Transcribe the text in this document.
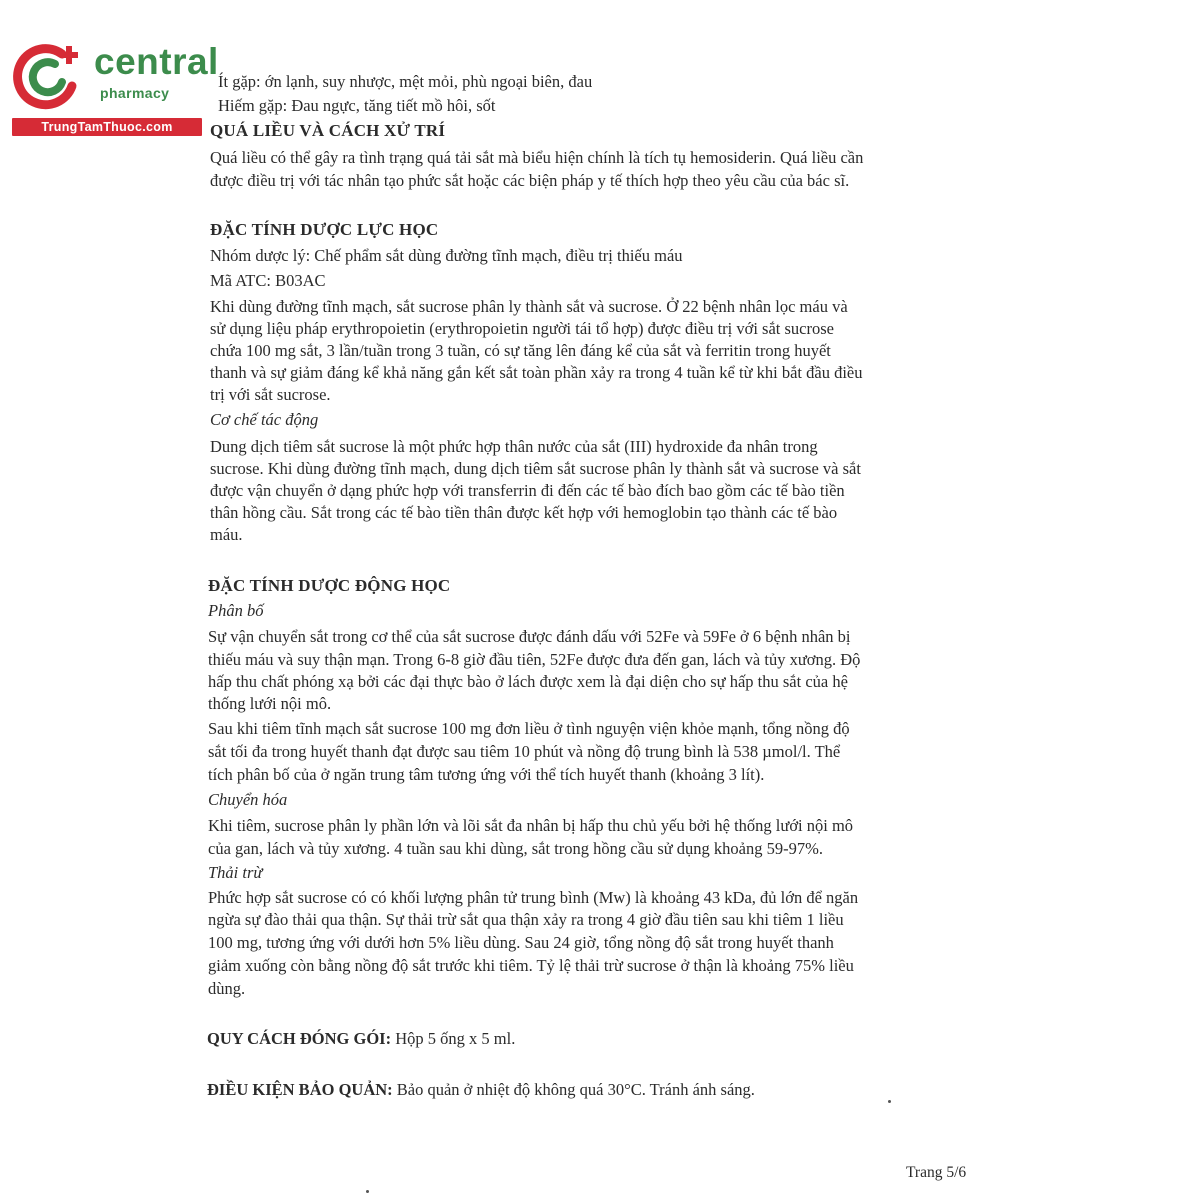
central
pharmacy
TrungTamThuoc.com
Ít gặp: ớn lạnh, suy nhược, mệt mỏi, phù ngoại biên, đau
Hiếm gặp: Đau ngực, tăng tiết mồ hôi, sốt
QUÁ LIỀU VÀ CÁCH XỬ TRÍ
Quá liều có thể gây ra tình trạng quá tải sắt mà biểu hiện chính là tích tụ hemosiderin. Quá liều cần
được điều trị với tác nhân tạo phức sắt hoặc các biện pháp y tế thích hợp theo yêu cầu của bác sĩ.
ĐẶC TÍNH DƯỢC LỰC HỌC
Nhóm dược lý: Chế phẩm sắt dùng đường tĩnh mạch, điều trị thiếu máu
Mã ATC: B03AC
Khi dùng đường tĩnh mạch, sắt sucrose phân ly thành sắt và sucrose. Ở 22 bệnh nhân lọc máu và
sử dụng liệu pháp erythropoietin (erythropoietin người tái tổ hợp) được điều trị với sắt sucrose
chứa 100 mg sắt, 3 lần/tuần trong 3 tuần, có sự tăng lên đáng kể của sắt và ferritin trong huyết
thanh và sự giảm đáng kể khả năng gắn kết sắt toàn phần xảy ra trong 4 tuần kể từ khi bắt đầu điều
trị với sắt sucrose.
Cơ chế tác động
Dung dịch tiêm sắt sucrose là một phức hợp thân nước của sắt (III) hydroxide đa nhân trong
sucrose. Khi dùng đường tĩnh mạch, dung dịch tiêm sắt sucrose phân ly thành sắt và sucrose và sắt
được vận chuyển ở dạng phức hợp với transferrin đi đến các tế bào đích bao gồm các tế bào tiền
thân hồng cầu. Sắt trong các tế bào tiền thân được kết hợp với hemoglobin tạo thành các tế bào
máu.
ĐẶC TÍNH DƯỢC ĐỘNG HỌC
Phân bố
Sự vận chuyển sắt trong cơ thể của sắt sucrose được đánh dấu với 52Fe và 59Fe ở 6 bệnh nhân bị
thiếu máu và suy thận mạn. Trong 6-8 giờ đầu tiên, 52Fe được đưa đến gan, lách và tủy xương. Độ
hấp thu chất phóng xạ bởi các đại thực bào ở lách được xem là đại diện cho sự hấp thu sắt của hệ
thống lưới nội mô.
Sau khi tiêm tĩnh mạch sắt sucrose 100 mg đơn liều ở tình nguyện viện khỏe mạnh, tổng nồng độ
sắt tối đa trong huyết thanh đạt được sau tiêm 10 phút và nồng độ trung bình là 538 µmol/l. Thể
tích phân bố của ở ngăn trung tâm tương ứng với thể tích huyết thanh (khoảng 3 lít).
Chuyển hóa
Khi tiêm, sucrose phân ly phần lớn và lõi sắt đa nhân bị hấp thu chủ yếu bởi hệ thống lưới nội mô
của gan, lách và tủy xương. 4 tuần sau khi dùng, sắt trong hồng cầu sử dụng khoảng 59-97%.
Thải trừ
Phức hợp sắt sucrose có có khối lượng phân tử trung bình (Mw) là khoảng 43 kDa, đủ lớn để ngăn
ngừa sự đào thải qua thận. Sự thải trừ sắt qua thận xảy ra trong 4 giờ đầu tiên sau khi tiêm 1 liều
100 mg, tương ứng với dưới hơn 5% liều dùng. Sau 24 giờ, tổng nồng độ sắt trong huyết thanh
giảm xuống còn bằng nồng độ sắt trước khi tiêm. Tỷ lệ thải trừ sucrose ở thận là khoảng 75% liều
dùng.
QUY CÁCH ĐÓNG GÓI: Hộp 5 ống x 5 ml.
ĐIỀU KIỆN BẢO QUẢN: Bảo quản ở nhiệt độ không quá 30°C. Tránh ánh sáng.
Trang 5/6
